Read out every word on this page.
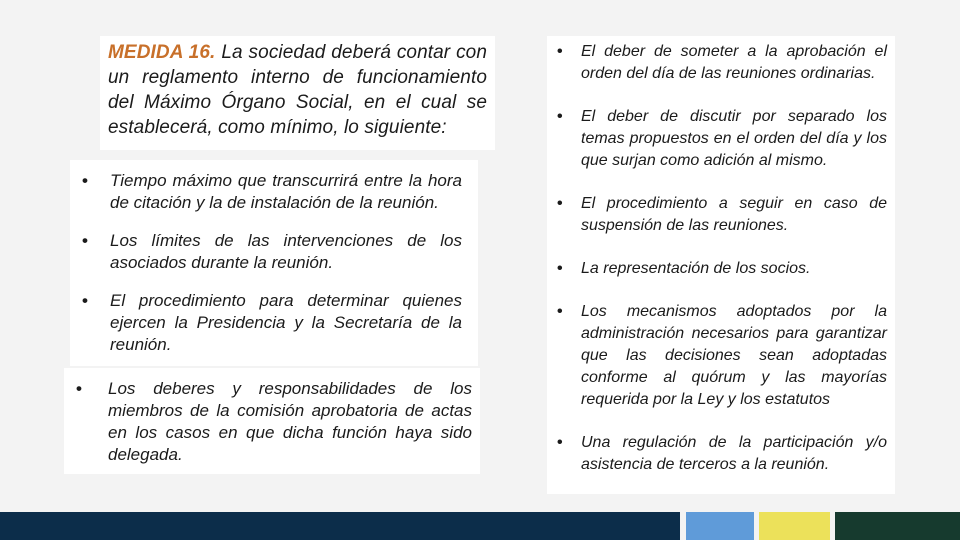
MEDIDA 16. La sociedad deberá contar con un reglamento interno de funcionamiento del Máximo Órgano Social, en el cual se establecerá, como mínimo, lo siguiente:

• Tiempo máximo que transcurrirá entre la hora de citación y la de instalación de la reunión.
• Los límites de las intervenciones de los asociados durante la reunión.
• El procedimiento para determinar quienes ejercen la Presidencia y la Secretaría de la reunión.
• Los deberes y responsabilidades de los miembros de la comisión aprobatoria de actas en los casos en que dicha función haya sido delegada.
• El deber de someter a la aprobación el orden del día de las reuniones ordinarias.
• El deber de discutir por separado los temas propuestos en el orden del día y los que surjan como adición al mismo.
• El procedimiento a seguir en caso de suspensión de las reuniones.
• La representación de los socios.
• Los mecanismos adoptados por la administración necesarios para garantizar que las decisiones sean adoptadas conforme al quórum y las mayorías requerida por la Ley y los estatutos
• Una regulación de la participación y/o asistencia de terceros a la reunión.
